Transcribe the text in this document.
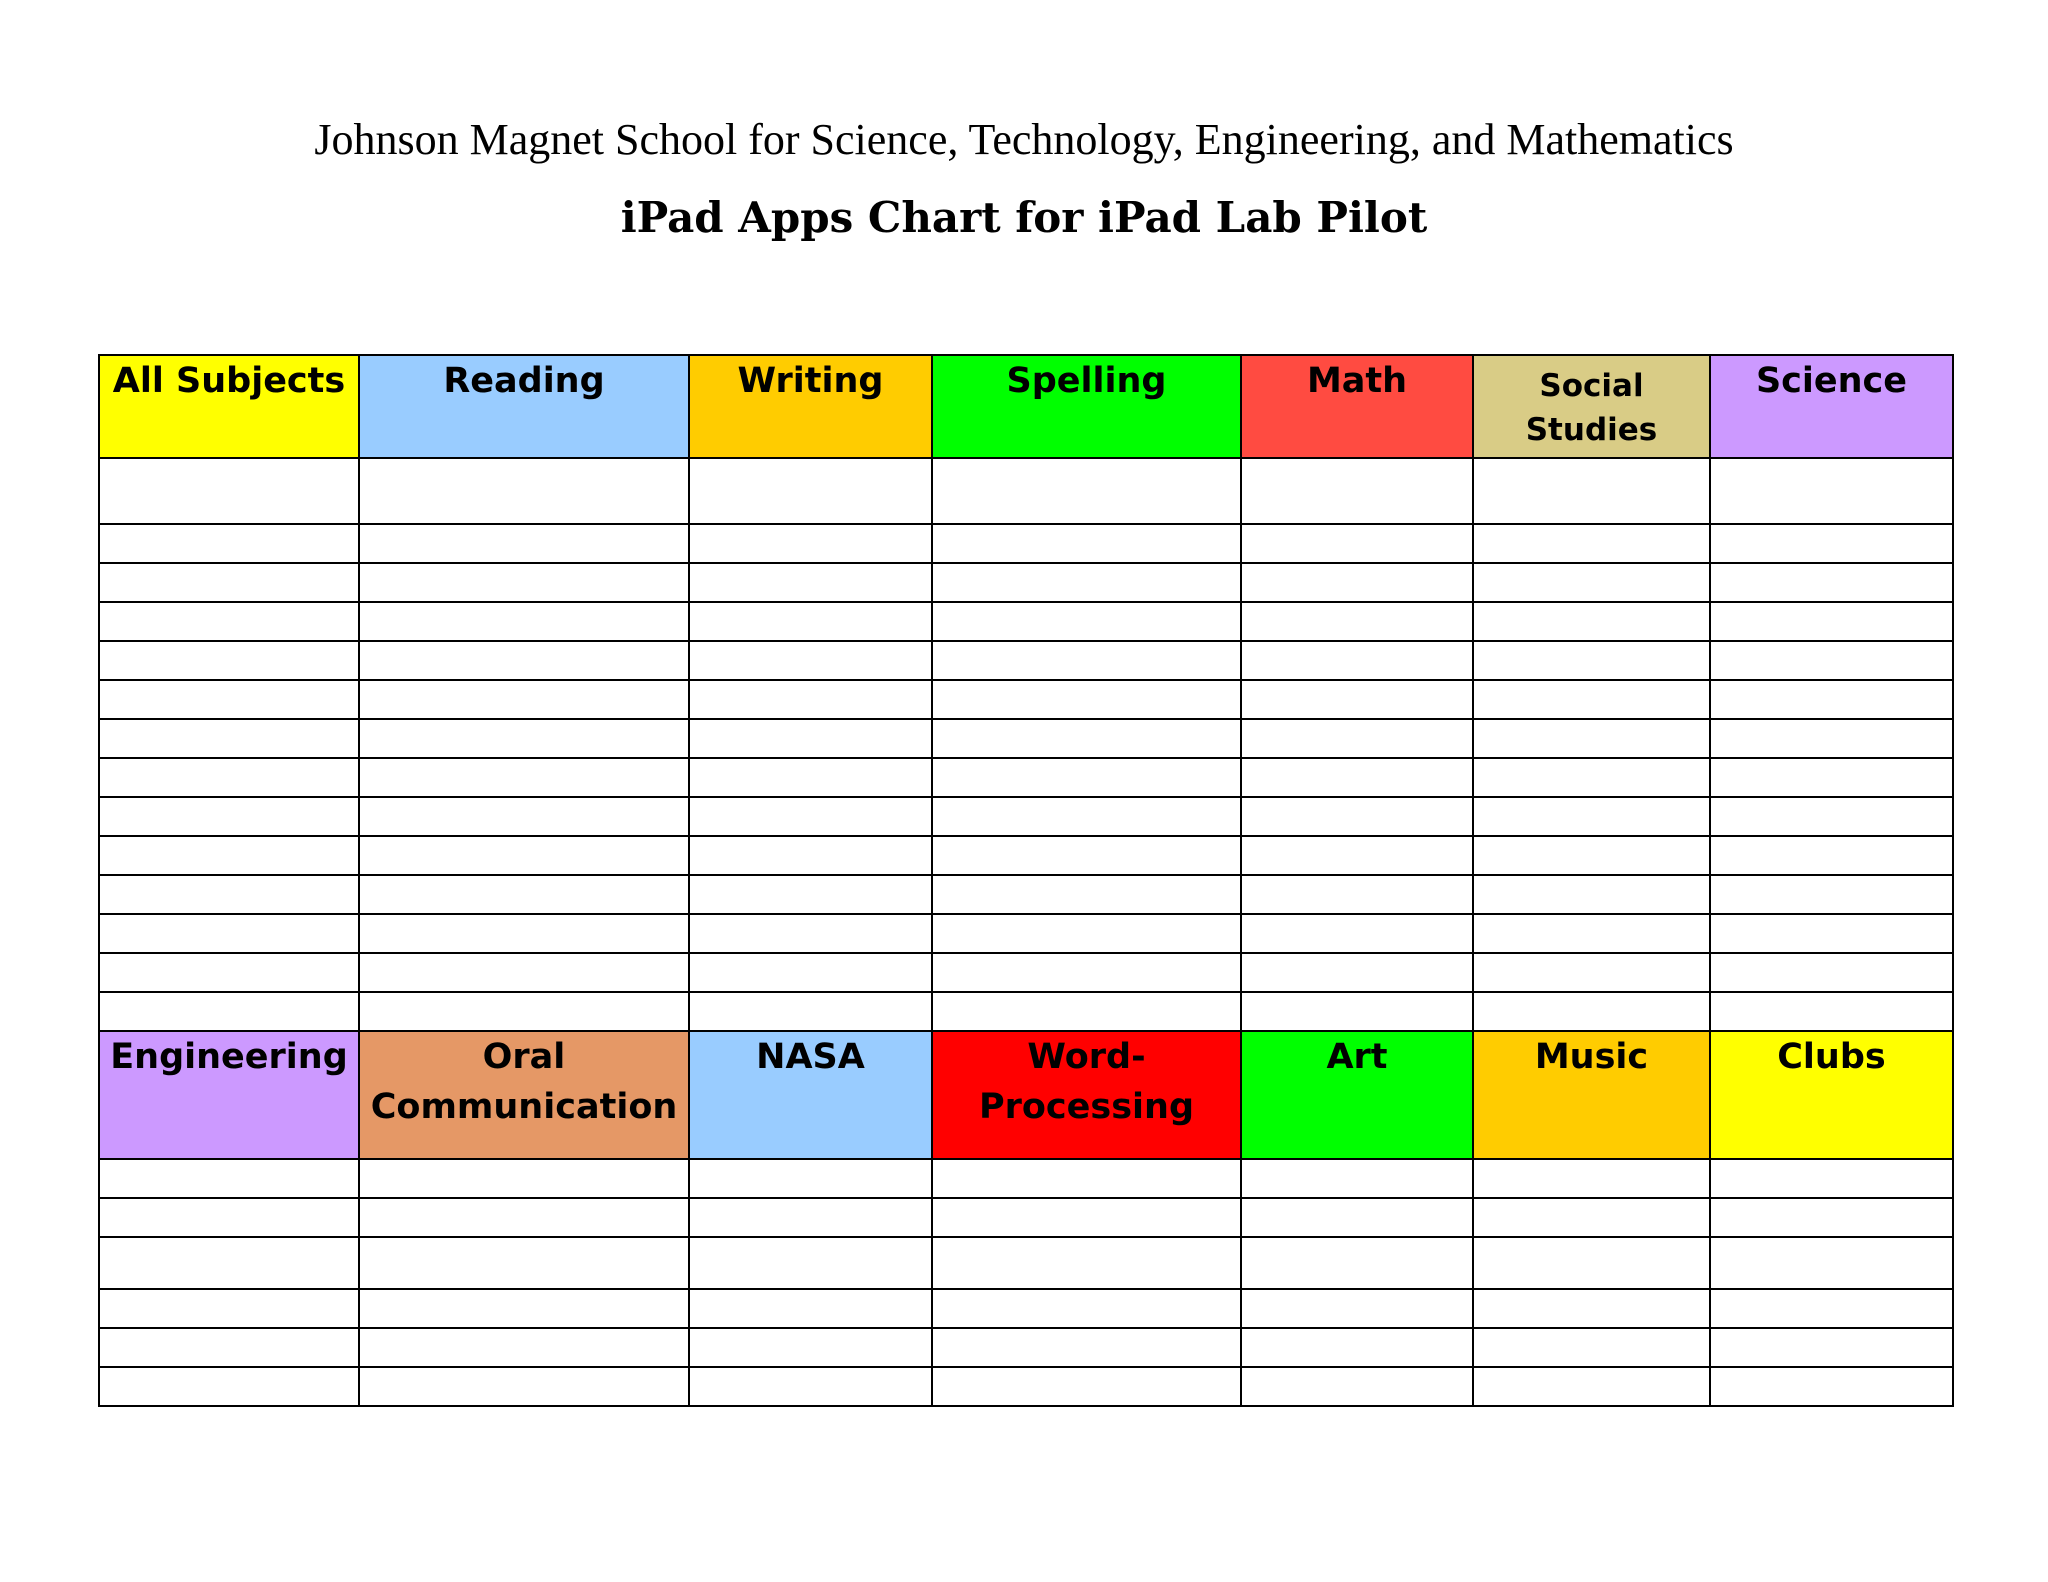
Johnson Magnet School for Science, Technology, Engineering, and Mathematics
iPad Apps Chart for iPad Lab Pilot
All Subjects	Reading	Writing	Spelling	Math	Social Studies	Science

Engineering	Oral Communication	NASA	Word-Processing	Art	Music	Clubs
